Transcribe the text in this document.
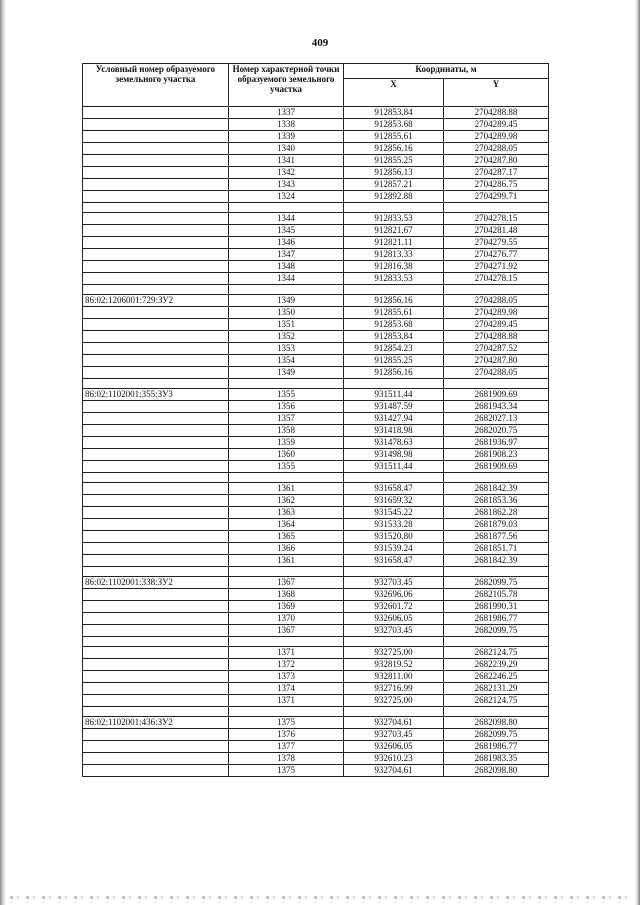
409
Условный номер образуемого земельного участка	Номер характерной точки образуемого земельного участка	Координаты, м	
		X	Y
	1337	912853.84	2704288.88
	1338	912853.68	2704289.45
	1339	912855.61	2704289.98
	1340	912856.16	2704288.05
	1341	912855.25	2704287.80
	1342	912856.13	2704287.17
	1343	912857.21	2704286.75
	1324	912892.88	2704299.71

	1344	912833.53	2704278.15
	1345	912821.67	2704281.48
	1346	912821.11	2704279.55
	1347	912813.33	2704276.77
	1348	912816.38	2704271.92
	1344	912833.53	2704278.15

86:02:1206001:729:ЗУ2	1349	912856.16	2704288.05
	1350	912855.61	2704289.98
	1351	912853.68	2704289.45
	1352	912853.84	2704288.88
	1353	912854.23	2704287.52
	1354	912855.25	2704287.80
	1349	912856.16	2704288.05

86:02:1102001:355:ЗУ3	1355	931511.44	2681909.69
	1356	931487.59	2681943.34
	1357	931427.94	2682027.13
	1358	931418.98	2682020.75
	1359	931478.63	2681936.97
	1360	931498.98	2681908.23
	1355	931511.44	2681909.69

	1361	931658.47	2681842.39
	1362	931659.32	2681853.36
	1363	931545.22	2681862.28
	1364	931533.28	2681879.03
	1365	931520.80	2681877.56
	1366	931539.24	2681851.71
	1361	931658.47	2681842.39

86:02:1102001:338:ЗУ2	1367	932703.45	2682099.75
	1368	932696.06	2682105.78
	1369	932601.72	2681990.31
	1370	932606.05	2681986.77
	1367	932703.45	2682099.75

	1371	932725.00	2682124.75
	1372	932819.52	2682239.29
	1373	932811.00	2682246.25
	1374	932716.99	2682131.29
	1371	932725.00	2682124.75

86:02:1102001:436:ЗУ2	1375	932704.61	2682098.80
	1376	932703.45	2682099.75
	1377	932606.05	2681986.77
	1378	932610.23	2681983.35
	1375	932704.61	2682098.80
